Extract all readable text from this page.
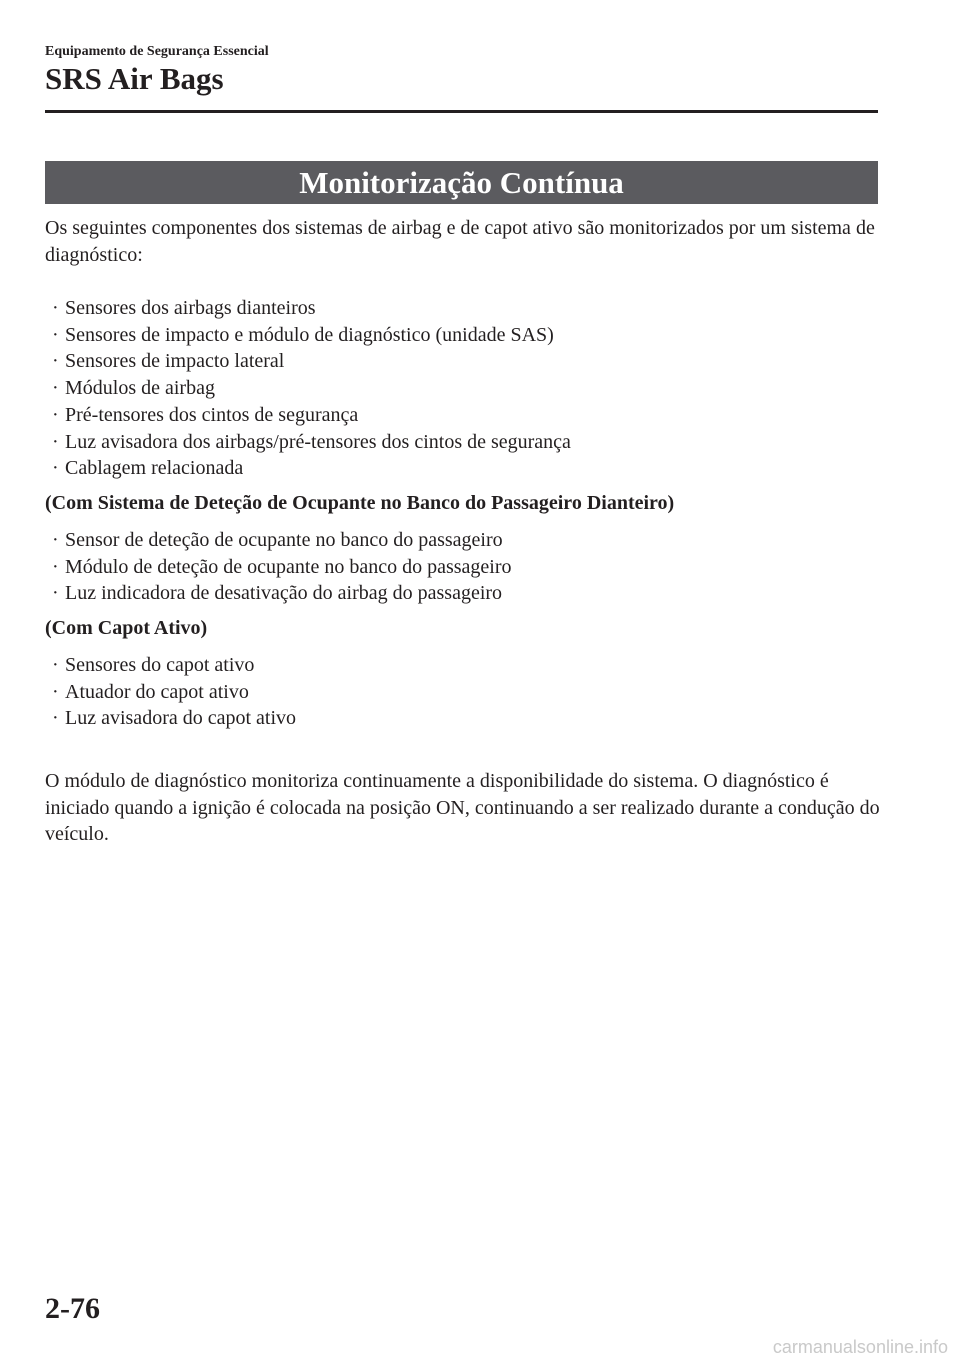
Equipamento de Segurança Essencial

SRS Air Bags

Monitorização Contínua

Os seguintes componentes dos sistemas de airbag e de capot ativo são monitorizados por um sistema de diagnóstico:

· Sensores dos airbags dianteiros
· Sensores de impacto e módulo de diagnóstico (unidade SAS)
· Sensores de impacto lateral
· Módulos de airbag
· Pré-tensores dos cintos de segurança
· Luz avisadora dos airbags/pré-tensores dos cintos de segurança
· Cablagem relacionada

(Com Sistema de Deteção de Ocupante no Banco do Passageiro Dianteiro)

· Sensor de deteção de ocupante no banco do passageiro
· Módulo de deteção de ocupante no banco do passageiro
· Luz indicadora de desativação do airbag do passageiro

(Com Capot Ativo)

· Sensores do capot ativo
· Atuador do capot ativo
· Luz avisadora do capot ativo

O módulo de diagnóstico monitoriza continuamente a disponibilidade do sistema. O diagnóstico é iniciado quando a ignição é colocada na posição ON, continuando a ser realizado durante a condução do veículo.

2-76

carmanualsonline.info
